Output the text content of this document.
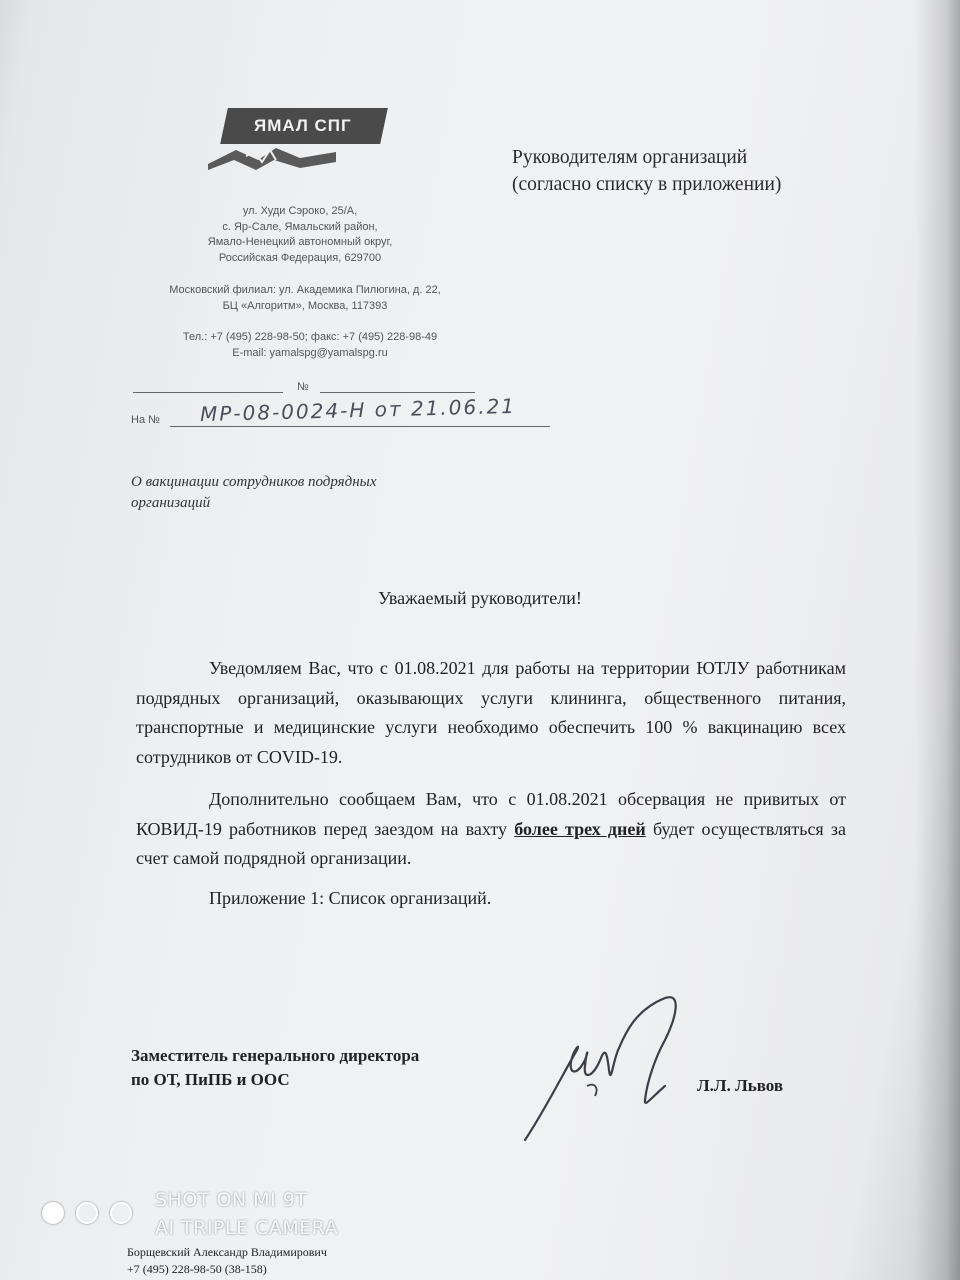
ЯМАЛ СПГ
ул. Худи Сэроко, 25/А,
с. Яр-Сале, Ямальский район,
Ямало-Ненецкий автономный округ,
Российская Федерация, 629700
Московский филиал: ул. Академика Пилюгина, д. 22,
БЦ «Алгоритм», Москва, 117393
Тел.: +7 (495) 228-98-50; факс: +7 (495) 228-98-49
E-mail: yamalspg@yamalspg.ru
№
На № МР-08-0024-Н от 21.06.21
Руководителям организаций
(согласно списку в приложении)
О вакцинации сотрудников подрядных
организаций
Уважаемый руководители!
Уведомляем Вас, что с 01.08.2021 для работы на территории ЮТЛУ работникам подрядных организаций, оказывающих услуги клининга, общественного питания, транспортные и медицинские услуги необходимо обеспечить 100 % вакцинацию всех сотрудников от COVID-19.
Дополнительно сообщаем Вам, что с 01.08.2021 обсервация не привитых от КОВИД-19 работников перед заездом на вахту более трех дней будет осуществляться за счет самой подрядной организации.
Приложение 1: Список организаций.
Заместитель генерального директора
по ОТ, ПиПБ и ООС	Л.Л. Львов
SHOT ON MI 9T
AI TRIPLE CAMERA
Борщевский Александр Владимирович
+7 (495) 228-98-50 (38-158)
